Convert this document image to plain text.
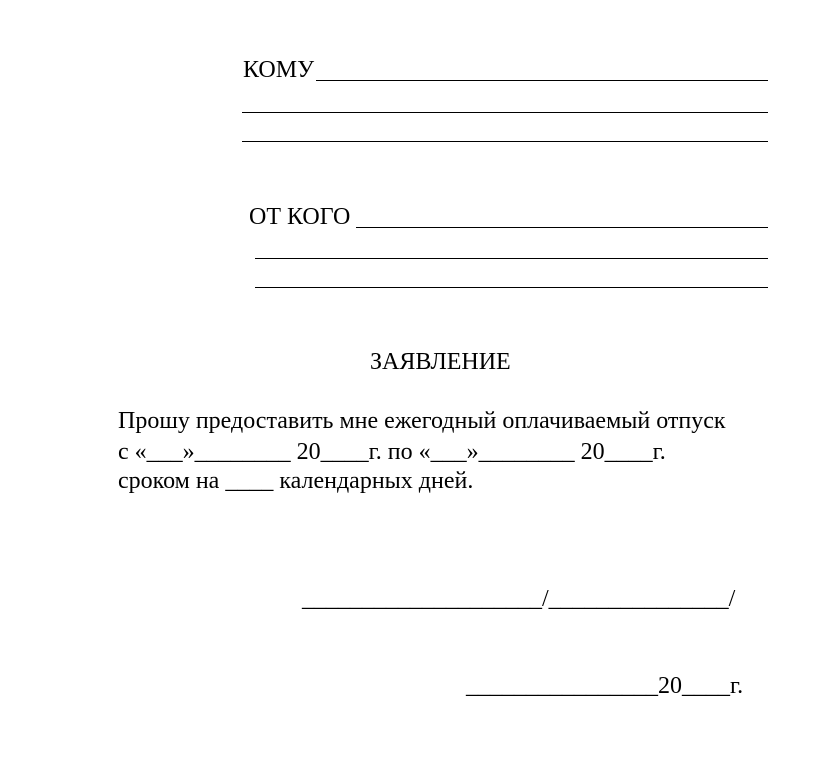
КОМУ
ОТ КОГО
ЗАЯВЛЕНИЕ
Прошу предоставить мне ежегодный оплачиваемый отпуск
с «___»________ 20____г. по «___»________ 20____г.
сроком на ____ календарных дней.
____________________/_______________/
________________20____г.
